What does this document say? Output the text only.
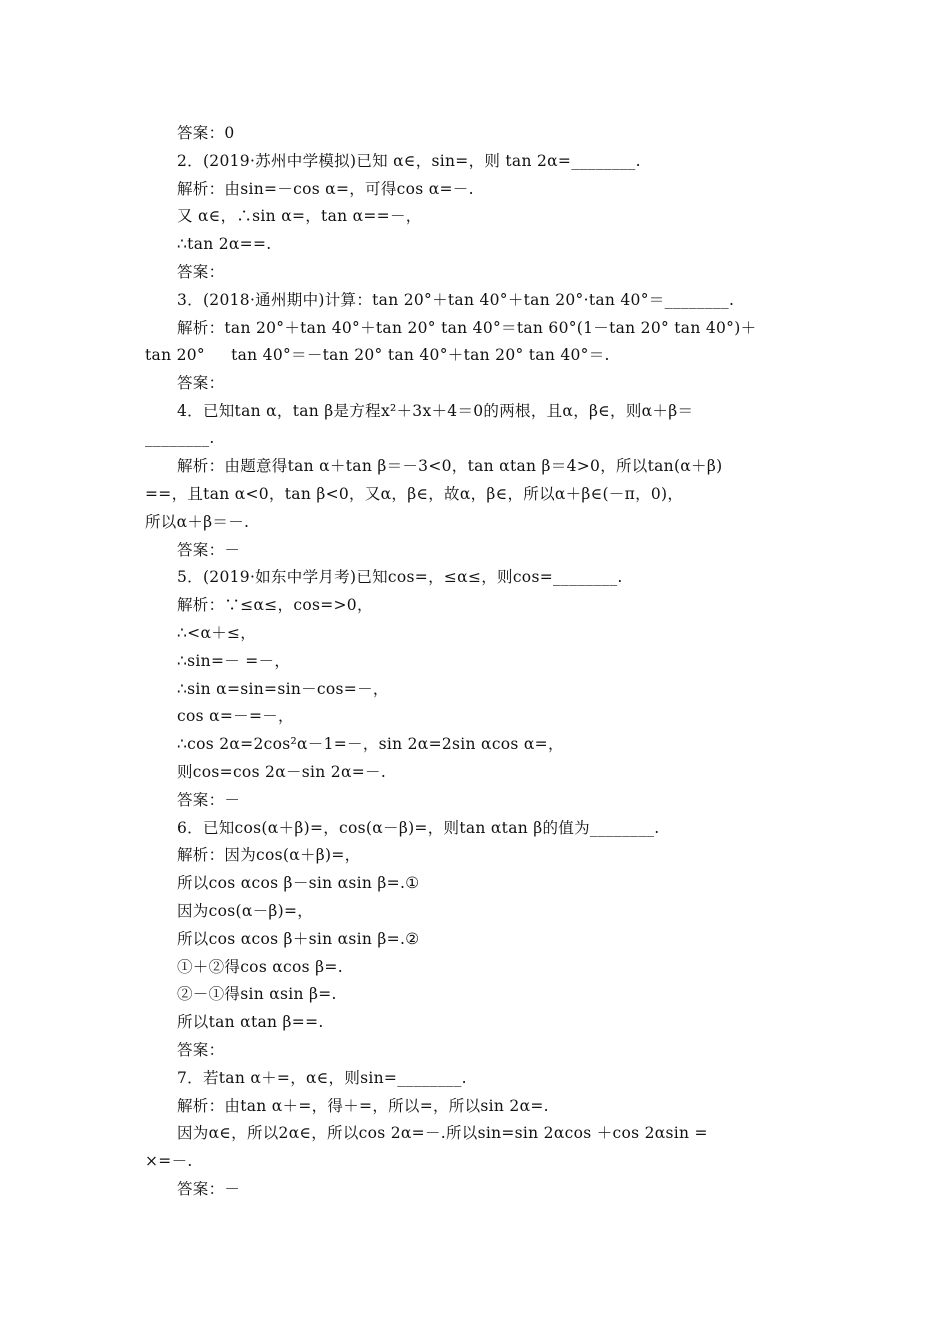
答案：0
2．(2019·苏州中学模拟)已知 α∈，sin=，则 tan 2α=________.
解析：由sin=－cos α=，可得cos α=－.
又 α∈，∴sin α=，tan α==－，
∴tan 2α==.
答案：
3．(2018·通州期中)计算：tan 20°＋tan 40°＋tan 20°·tan 40°＝________.
解析：tan 20°＋tan 40°＋tan 20° tan 40°＝tan 60°(1－tan 20° tan 40°)＋
tan 20°     tan 40°＝－tan 20° tan 40°＋tan 20° tan 40°＝.
答案：
4．已知tan α，tan β是方程x²＋3x＋4＝0的两根，且α，β∈，则α＋β＝
________.
解析：由题意得tan α＋tan β＝－3<0，tan αtan β＝4>0，所以tan(α＋β)
==，且tan α<0，tan β<0，又α，β∈，故α，β∈，所以α＋β∈(－π，0)，
所以α＋β＝－.
答案：－
5．(2019·如东中学月考)已知cos=，≤α≤，则cos=________.
解析：∵≤α≤，cos=>0，
∴<α＋≤，
∴sin=－ =－，
∴sin α=sin=sin－cos=－，
cos α=－=－，
∴cos 2α=2cos²α－1=－，sin 2α=2sin αcos α=，
则cos=cos 2α－sin 2α=－.
答案：－
6．已知cos(α＋β)=，cos(α－β)=，则tan αtan β的值为________.
解析：因为cos(α＋β)=，
所以cos αcos β－sin αsin β=.①
因为cos(α－β)=，
所以cos αcos β＋sin αsin β=.②
①＋②得cos αcos β=.
②－①得sin αsin β=.
所以tan αtan β==.
答案：
7．若tan α＋=，α∈，则sin=________.
解析：由tan α＋=，得＋=，所以=，所以sin 2α=.
因为α∈，所以2α∈，所以cos 2α=－.所以sin=sin 2αcos ＋cos 2αsin =
×=－.
答案：－
